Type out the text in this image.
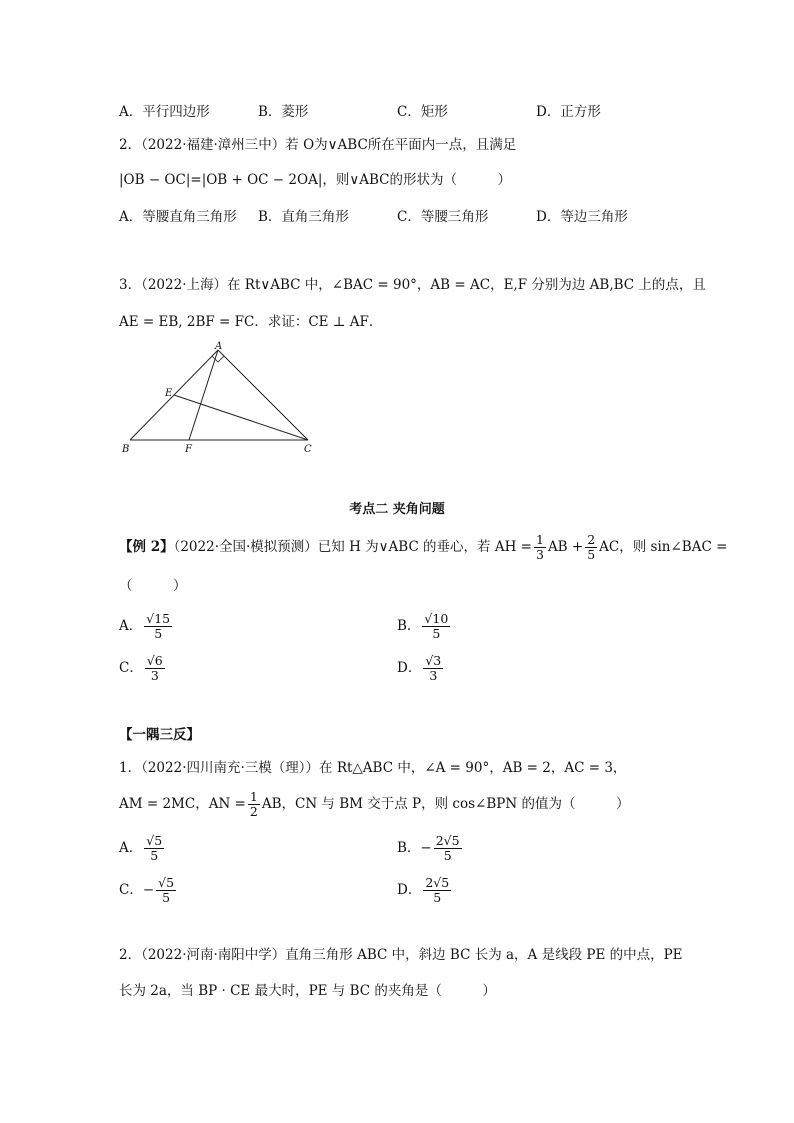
A．平行四边形	B．菱形	C．矩形	D．正方形
2．（2022·福建·漳州三中）若 O为∨ABC所在平面内一点，且满足
|OB − OC|=|OB + OC − 2OA|，则∨ABC的形状为（　　　）
A．等腰直角三角形 B．直角三角形	C．等腰三角形	D．等边三角形
3．（2022·上海）在 Rt∨ABC 中，∠BAC = 90°，AB = AC，E,F 分别为边 AB,BC 上的点，且
AE = EB, 2BF = FC．求证：CE ⊥ AF．
A
B	C
E
F
考点二 夹角问题
【例 2】（2022·全国·模拟预测）已知 H 为∨ABC 的垂心，若 AH = $\frac{1}{3}$ AB + $\frac{2}{5}$ AC，则 sin∠BAC =
（　　　）
A． $\frac{√15}{5}$	B． $\frac{√10}{5}$
C． $\frac{√6}{3}$	D． $\frac{√3}{3}$
【一隅三反】
1．（2022·四川南充·三模（理））在 Rt△ABC 中，∠A = 90°，AB = 2，AC = 3，
AM = 2MC，AN = $\frac{1}{2}$ AB，CN 与 BM 交于点 P，则 cos∠BPN 的值为（　　　）
A． $\frac{√5}{5}$	B．− $\frac{2√5}{5}$
C．− $\frac{√5}{5}$	D． $\frac{2√5}{5}$
2．（2022·河南·南阳中学）直角三角形 ABC 中，斜边 BC 长为 a，A 是线段 PE 的中点，PE
长为 2a，当 BP · CE 最大时，PE 与 BC 的夹角是（　　　）
